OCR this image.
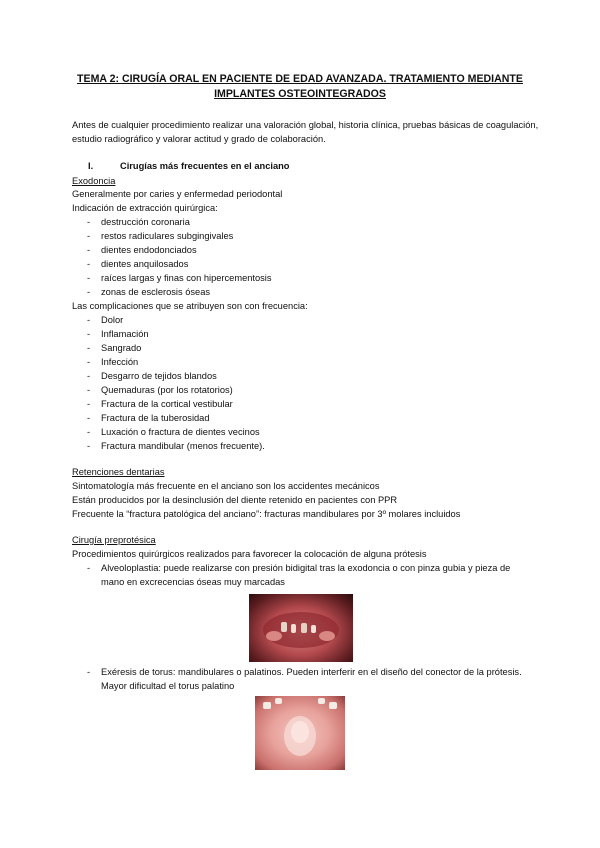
TEMA 2: CIRUGÍA ORAL EN PACIENTE DE EDAD AVANZADA. TRATAMIENTO MEDIANTE IMPLANTES OSTEOINTEGRADOS
Antes de cualquier procedimiento realizar una valoración global, historia clínica, pruebas básicas de coagulación, estudio radiográfico y valorar actitud y grado de colaboración.
I.	Cirugías más frecuentes en el anciano
Exodoncia
Generalmente por caries y enfermedad periodontal
Indicación de extracción quirúrgica:
- destrucción coronaria
- restos radiculares subgingivales
- dientes endodonciados
- dientes anquilosados
- raíces largas y finas con hipercementosis
- zonas de esclerosis óseas
Las complicaciones que se atribuyen son con frecuencia:
- Dolor
- Inflamación
- Sangrado
- Infección
- Desgarro de tejidos blandos
- Quemaduras (por los rotatorios)
- Fractura de la cortical vestibular
- Fractura de la tuberosidad
- Luxación o fractura de dientes vecinos
- Fractura mandibular (menos frecuente).
Retenciones dentarias
Sintomatología más frecuente en el anciano son los accidentes mecánicos
Están producidos por la desinclusión del diente retenido en pacientes con PPR
Frecuente la “fractura patológica del anciano”: fracturas mandibulares por 3º molares incluidos
Cirugía preprotésica
Procedimientos quirúrgicos realizados para favorecer la colocación de alguna prótesis
- Alveoloplastia: puede realizarse con presión bidigital tras la exodoncia o con pinza gubia y pieza de mano en excrecencias óseas muy marcadas
- Exéresis de torus: mandibulares o palatinos. Pueden interferir en el diseño del conector de la prótesis. Mayor dificultad el torus palatino
